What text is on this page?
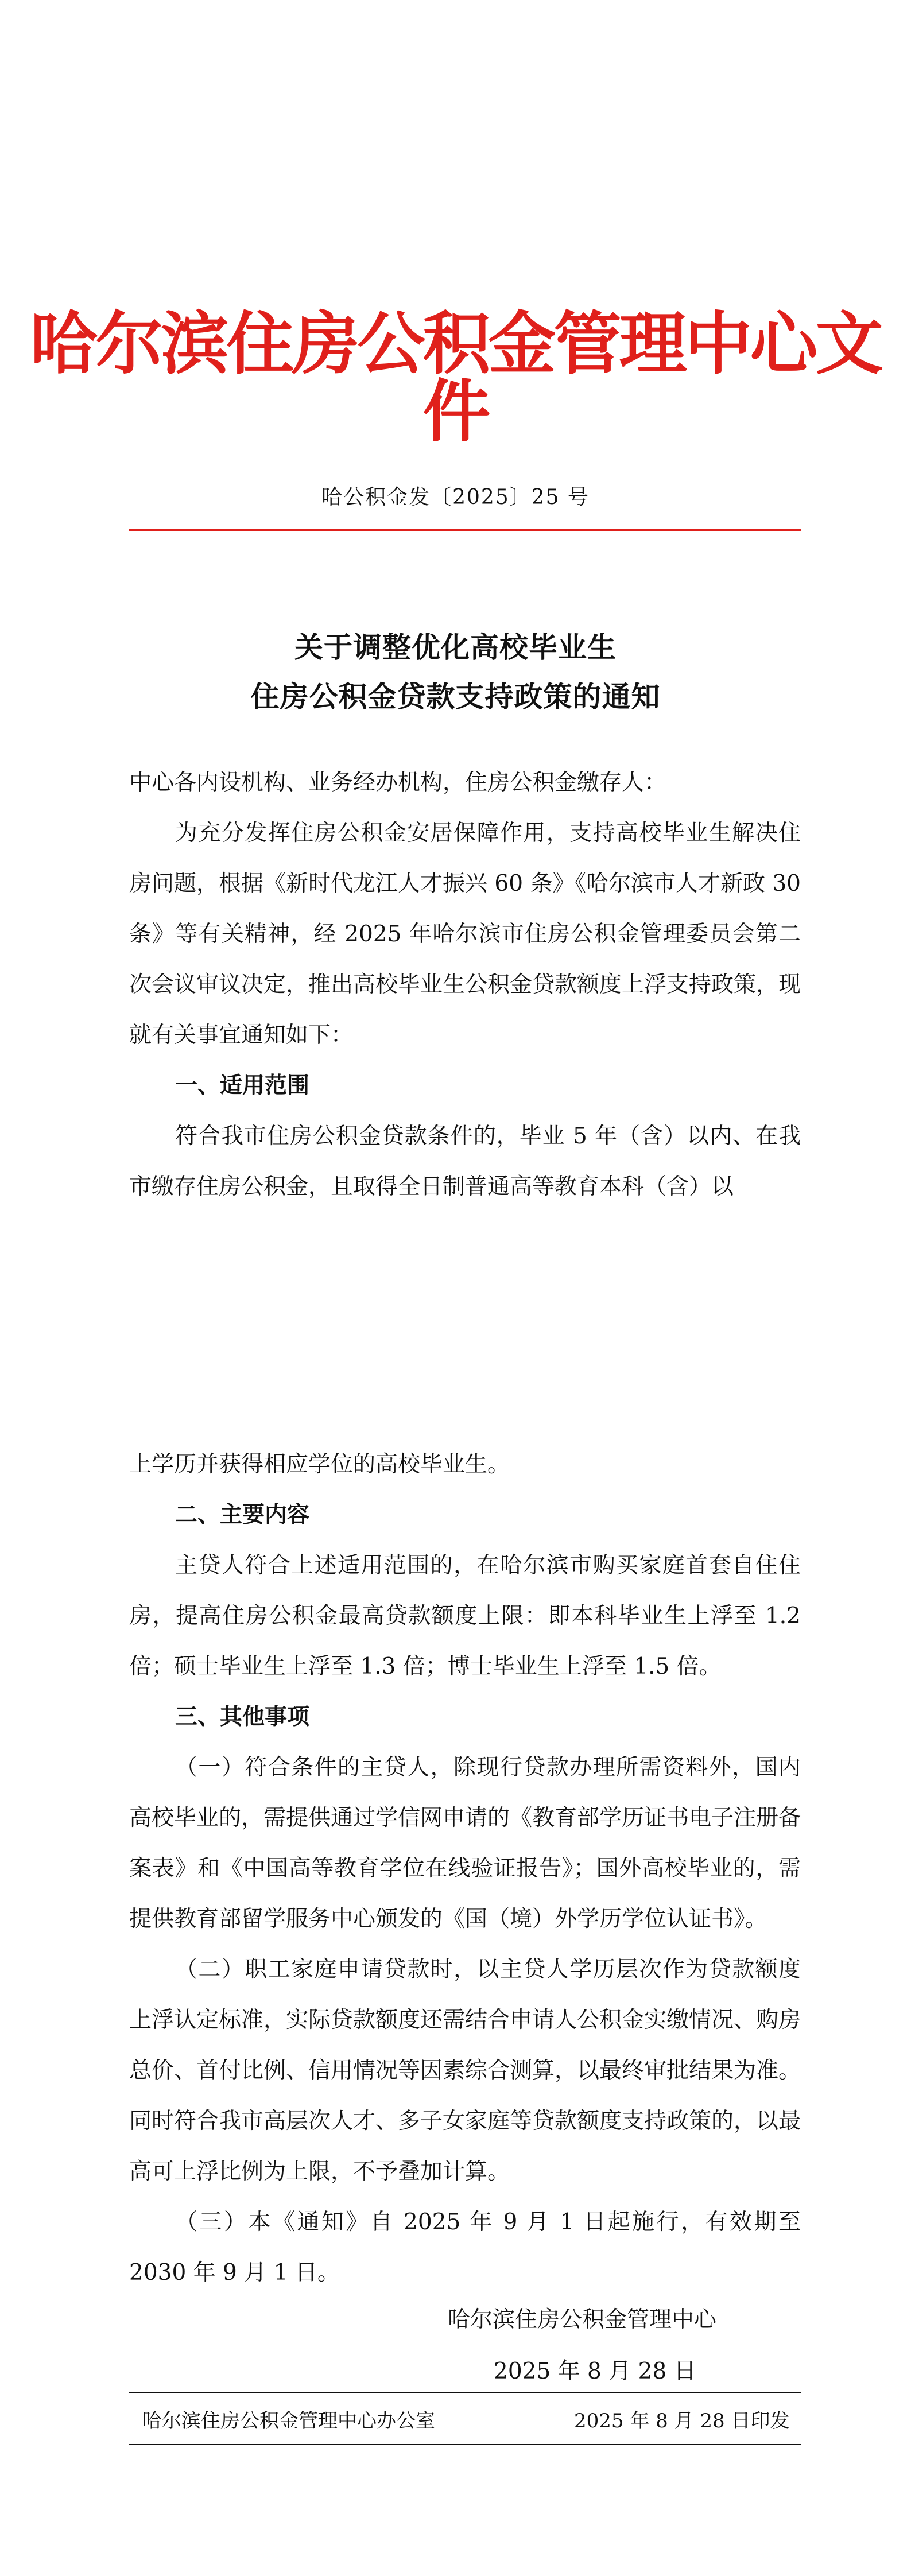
哈尔滨住房公积金管理中心文件
哈公积金发〔2025〕25 号
关于调整优化高校毕业生
住房公积金贷款支持政策的通知

中心各内设机构、业务经办机构，住房公积金缴存人：

为充分发挥住房公积金安居保障作用，支持高校毕业生解决住房问题，根据《新时代龙江人才振兴 60 条》《哈尔滨市人才新政 30 条》等有关精神，经 2025 年哈尔滨市住房公积金管理委员会第二次会议审议决定，推出高校毕业生公积金贷款额度上浮支持政策，现就有关事宜通知如下：

一、适用范围

符合我市住房公积金贷款条件的，毕业 5 年（含）以内、在我市缴存住房公积金，且取得全日制普通高等教育本科（含）以

上学历并获得相应学位的高校毕业生。

二、主要内容

主贷人符合上述适用范围的，在哈尔滨市购买家庭首套自住住房，提高住房公积金最高贷款额度上限：即本科毕业生上浮至 1.2 倍；硕士毕业生上浮至 1.3 倍；博士毕业生上浮至 1.5 倍。

三、其他事项

（一）符合条件的主贷人，除现行贷款办理所需资料外，国内高校毕业的，需提供通过学信网申请的《教育部学历证书电子注册备案表》和《中国高等教育学位在线验证报告》；国外高校毕业的，需提供教育部留学服务中心颁发的《国（境）外学历学位认证书》。

（二）职工家庭申请贷款时，以主贷人学历层次作为贷款额度上浮认定标准，实际贷款额度还需结合申请人公积金实缴情况、购房总价、首付比例、信用情况等因素综合测算，以最终审批结果为准。同时符合我市高层次人才、多子女家庭等贷款额度支持政策的，以最高可上浮比例为上限，不予叠加计算。

（三）本《通知》自 2025 年 9 月 1 日起施行，有效期至 2030 年 9 月 1 日。

哈尔滨住房公积金管理中心
2025 年 8 月 28 日
哈尔滨住房公积金管理中心办公室	2025 年 8 月 28 日印发
